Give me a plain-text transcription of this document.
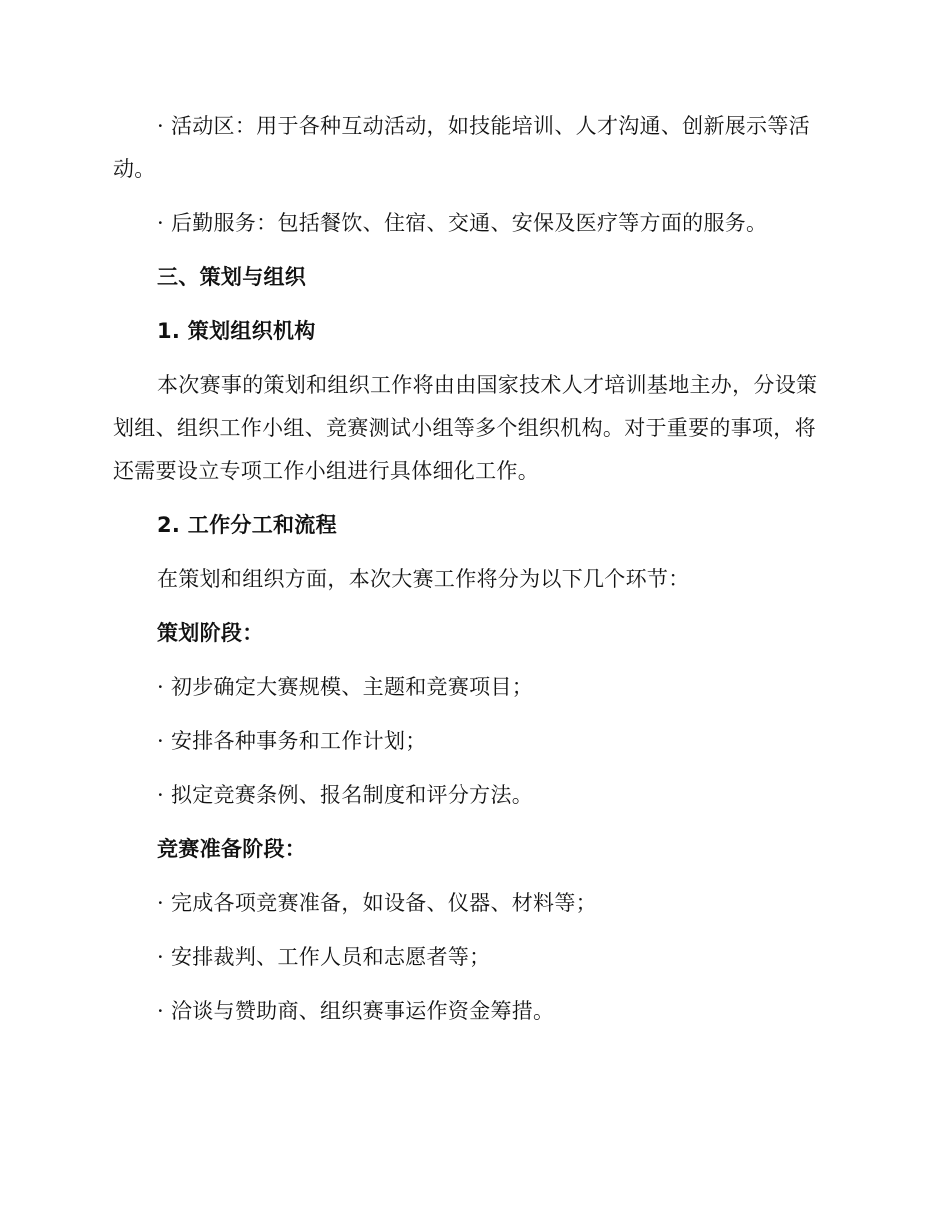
· 活动区：用于各种互动活动，如技能培训、人才沟通、创新展示等活动。

· 后勤服务：包括餐饮、住宿、交通、安保及医疗等方面的服务。

三、策划与组织

1. 策划组织机构

本次赛事的策划和组织工作将由由国家技术人才培训基地主办，分设策划组、组织工作小组、竞赛测试小组等多个组织机构。对于重要的事项，将还需要设立专项工作小组进行具体细化工作。

2. 工作分工和流程

在策划和组织方面，本次大赛工作将分为以下几个环节：

策划阶段：

· 初步确定大赛规模、主题和竞赛项目；

· 安排各种事务和工作计划；

· 拟定竞赛条例、报名制度和评分方法。

竞赛准备阶段：

· 完成各项竞赛准备，如设备、仪器、材料等；

· 安排裁判、工作人员和志愿者等；

· 洽谈与赞助商、组织赛事运作资金筹措。
